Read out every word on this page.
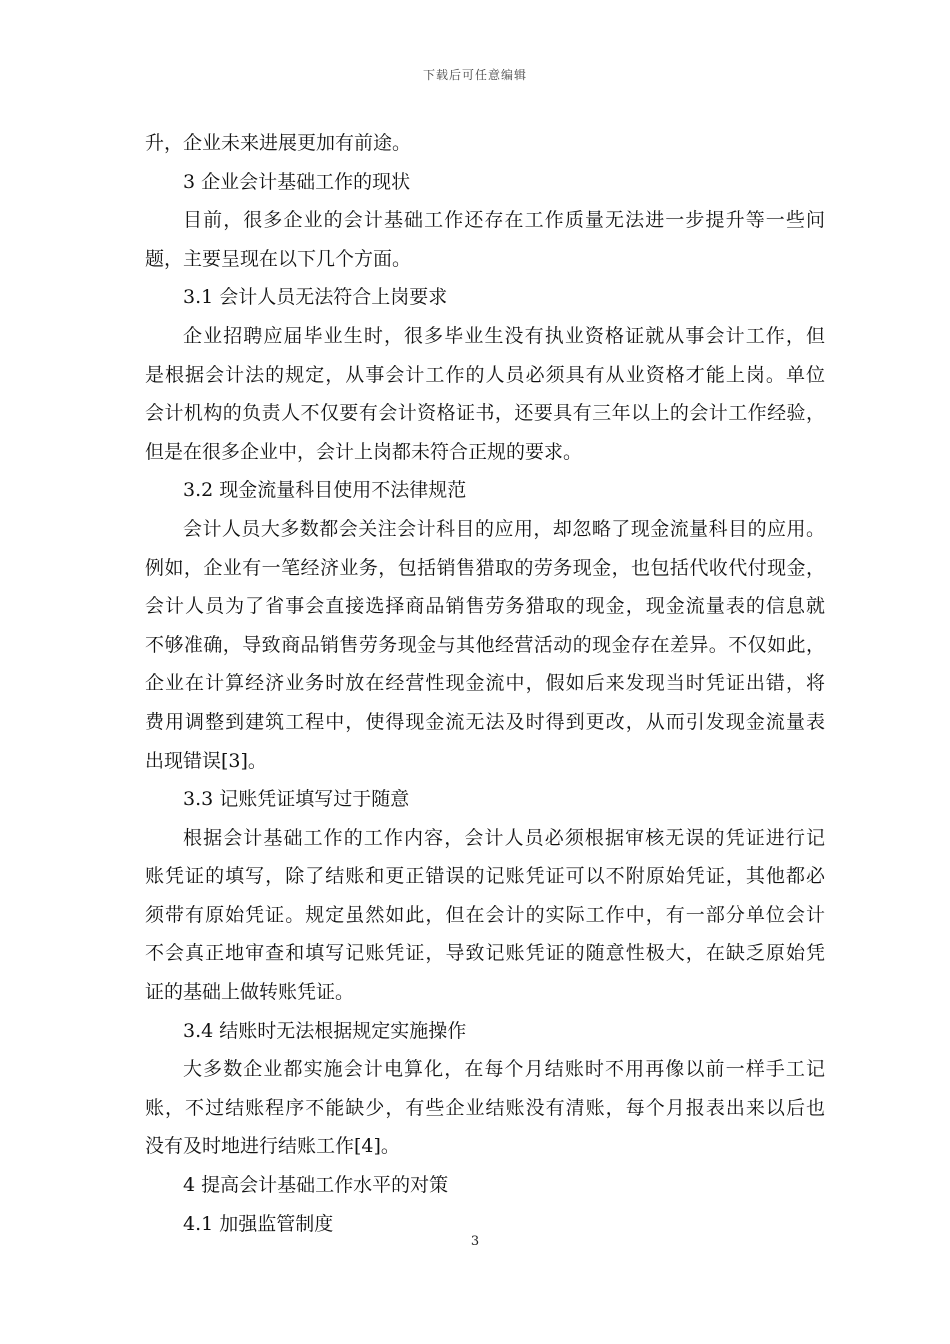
下载后可任意编辑
升，企业未来进展更加有前途。
3 企业会计基础工作的现状
目前，很多企业的会计基础工作还存在工作质量无法进一步提升等一些问
题，主要呈现在以下几个方面。
3.1 会计人员无法符合上岗要求
企业招聘应届毕业生时，很多毕业生没有执业资格证就从事会计工作，但
是根据会计法的规定，从事会计工作的人员必须具有从业资格才能上岗。单位
会计机构的负责人不仅要有会计资格证书，还要具有三年以上的会计工作经验，
但是在很多企业中，会计上岗都未符合正规的要求。
3.2 现金流量科目使用不法律规范
会计人员大多数都会关注会计科目的应用，却忽略了现金流量科目的应用。
例如，企业有一笔经济业务，包括销售猎取的劳务现金，也包括代收代付现金，
会计人员为了省事会直接选择商品销售劳务猎取的现金，现金流量表的信息就
不够准确，导致商品销售劳务现金与其他经营活动的现金存在差异。不仅如此，
企业在计算经济业务时放在经营性现金流中，假如后来发现当时凭证出错，将
费用调整到建筑工程中，使得现金流无法及时得到更改，从而引发现金流量表
出现错误[3]。
3.3 记账凭证填写过于随意
根据会计基础工作的工作内容，会计人员必须根据审核无误的凭证进行记
账凭证的填写，除了结账和更正错误的记账凭证可以不附原始凭证，其他都必
须带有原始凭证。规定虽然如此，但在会计的实际工作中，有一部分单位会计
不会真正地审查和填写记账凭证，导致记账凭证的随意性极大，在缺乏原始凭
证的基础上做转账凭证。
3.4 结账时无法根据规定实施操作
大多数企业都实施会计电算化，在每个月结账时不用再像以前一样手工记
账，不过结账程序不能缺少，有些企业结账没有清账，每个月报表出来以后也
没有及时地进行结账工作[4]。
4 提高会计基础工作水平的对策
4.1 加强监管制度
3
